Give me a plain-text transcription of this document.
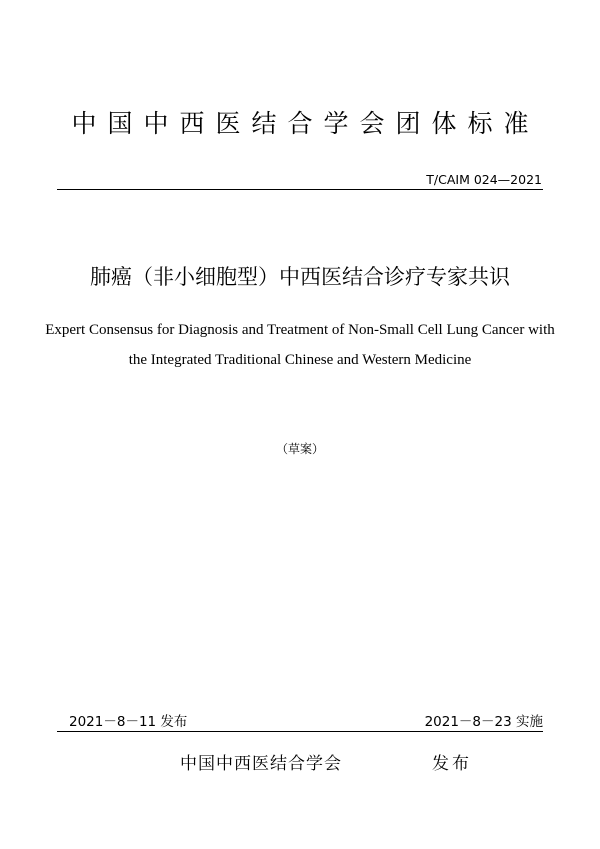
中国中西医结合学会团体标准
T/CAIM 024—2021
肺癌（非小细胞型）中西医结合诊疗专家共识
Expert Consensus for Diagnosis and Treatment of Non-Small Cell Lung Cancer with
the Integrated Traditional Chinese and Western Medicine
（草案）
2021－8－11 发布	2021－8－23 实施
中国中西医结合学会	发布
